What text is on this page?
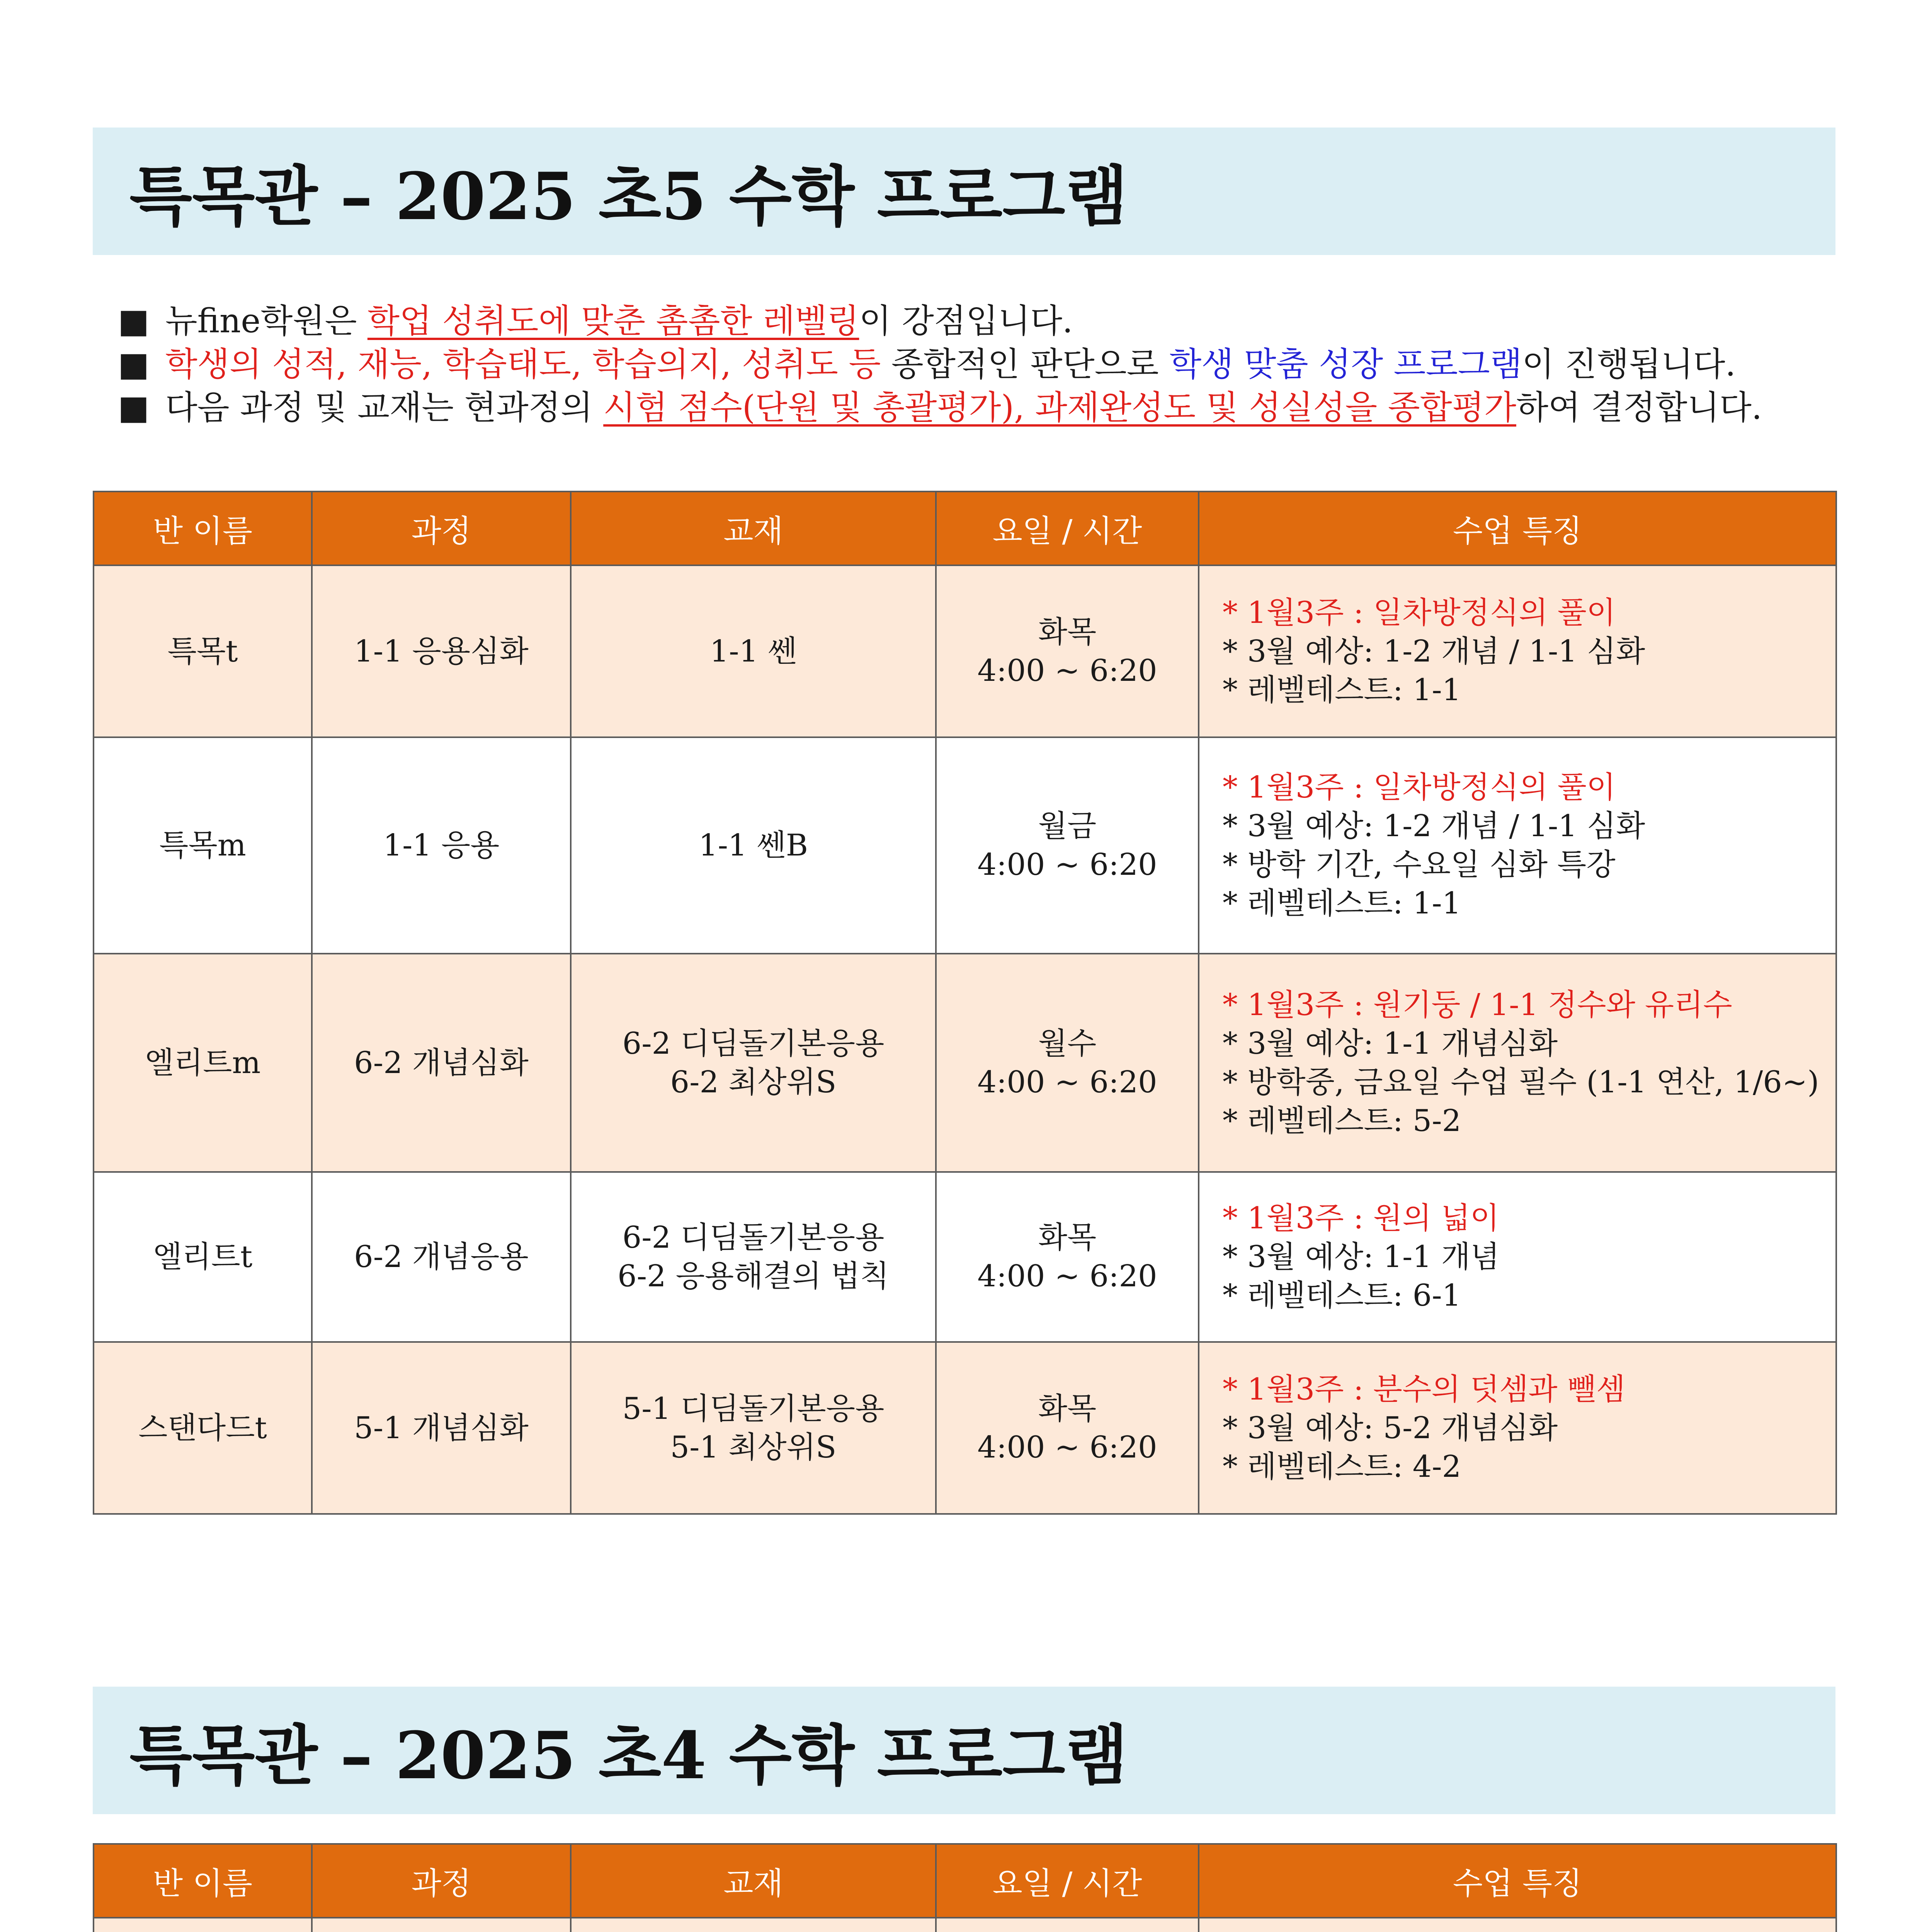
특목관 – 2025 초5 수학 프로그램
■ 뉴fine학원은 학업 성취도에 맞춘 촘촘한 레벨링이 강점입니다.
■ 학생의 성적, 재능, 학습태도, 학습의지, 성취도 등 종합적인 판단으로 학생 맞춤 성장 프로그램이 진행됩니다.
■ 다음 과정 및 교재는 현과정의 시험 점수(단원 및 총괄평가), 과제완성도 및 성실성을 종합평가하여 결정합니다.
반 이름	과정	교재	요일 / 시간	수업 특징
특목t	1-1 응용심화	1-1 쎈	화목
4:00 ~ 6:20	* 1월3주 : 일차방정식의 풀이
* 3월 예상: 1-2 개념 / 1-1 심화
* 레벨테스트: 1-1

특목m	1-1 응용	1-1 쎈B	월금
4:00 ~ 6:20	* 1월3주 : 일차방정식의 풀이
* 3월 예상: 1-2 개념 / 1-1 심화
* 방학 기간, 수요일 심화 특강
* 레벨테스트: 1-1

엘리트m	6-2 개념심화	6-2 디딤돌기본응용
6-2 최상위S	월수
4:00 ~ 6:20	* 1월3주 : 원기둥 / 1-1 정수와 유리수
* 3월 예상: 1-1 개념심화
* 방학중, 금요일 수업 필수 (1-1 연산, 1/6~)
* 레벨테스트: 5-2

엘리트t	6-2 개념응용	6-2 디딤돌기본응용
6-2 응용해결의 법칙	화목
4:00 ~ 6:20	* 1월3주 : 원의 넓이
* 3월 예상: 1-1 개념
* 레벨테스트: 6-1

스탠다드t	5-1 개념심화	5-1 디딤돌기본응용
5-1 최상위S	화목
4:00 ~ 6:20	* 1월3주 : 분수의 덧셈과 뺄셈
* 3월 예상: 5-2 개념심화
* 레벨테스트: 4-2
특목관 – 2025 초4 수학 프로그램
반 이름	과정	교재	요일 / 시간	수업 특징
